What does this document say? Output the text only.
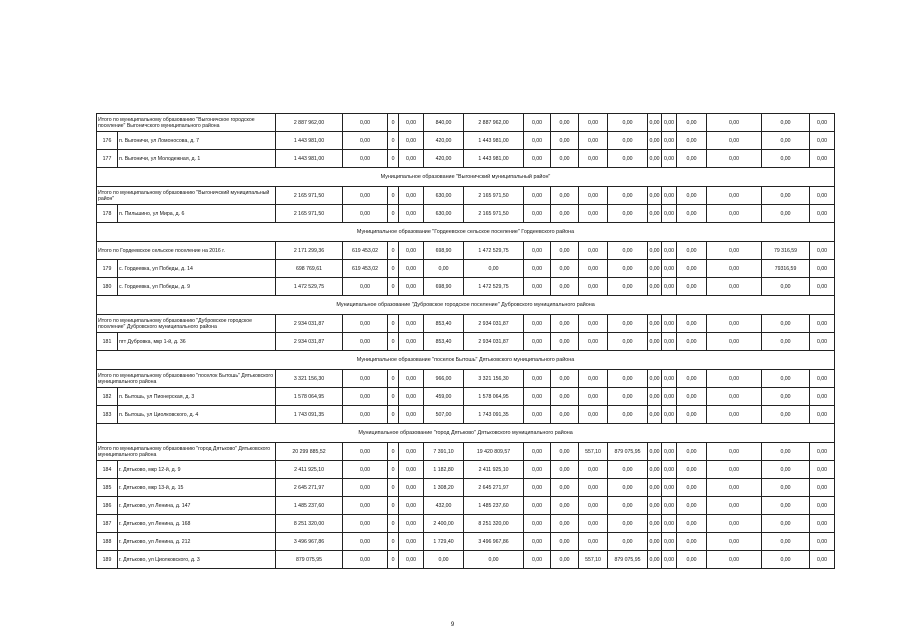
Итого по муниципальному образованию "Выгоничское городское поселение" Выгоничского муниципального района		2 887 962,00	0,00	0	0,00	840,00	2 887 962,00	0,00	0,00	0,00	0,00	0,00	0,00	0,00	0,00	0,00	0,00
176	п. Выгоничи, ул Ломоносова, д. 7	1 443 981,00	0,00	0	0,00	420,00	1 443 981,00	0,00	0,00	0,00	0,00	0,00	0,00	0,00	0,00	0,00	0,00
177	п. Выгоничи, ул Молодежная, д. 1	1 443 981,00	0,00	0	0,00	420,00	1 443 981,00	0,00	0,00	0,00	0,00	0,00	0,00	0,00	0,00	0,00	0,00
Муниципальное образование "Выгоничский муниципальный район"																	
Итого по муниципальному образованию "Выгоничский муниципальный район"		2 165 971,50	0,00	0	0,00	630,00	2 165 971,50	0,00	0,00	0,00	0,00	0,00	0,00	0,00	0,00	0,00	0,00
178	п. Пильшино, ул Мира, д. 6	2 165 971,50	0,00	0	0,00	630,00	2 165 971,50	0,00	0,00	0,00	0,00	0,00	0,00	0,00	0,00	0,00	0,00
Муниципальное образование "Гордеевское сельское поселение" Гордеевского района																	
Итого по Гордеевское сельское поселение на 2016 г.		2 171 299,36	619 453,02	0	0,00	698,90	1 472 529,75	0,00	0,00	0,00	0,00	0,00	0,00	0,00	0,00	79 316,59	0,00
179	с. Гордеевка, ул Победы, д. 14	698 769,61	619 453,02	0	0,00	0,00	0,00	0,00	0,00	0,00	0,00	0,00	0,00	0,00	0,00	79316,59	0,00
180	с. Гордеевка, ул Победы, д. 9	1 472 529,75	0,00	0	0,00	698,90	1 472 529,75	0,00	0,00	0,00	0,00	0,00	0,00	0,00	0,00	0,00	0,00
Муниципальное образование "Дубровское городское поселение" Дубровского муниципального района																	
Итого по муниципальному образованию "Дубровское городское поселение" Дубровского муниципального района		2 934 031,87	0,00	0	0,00	853,40	2 934 031,87	0,00	0,00	0,00	0,00	0,00	0,00	0,00	0,00	0,00	0,00
181	пгт Дубровка, мкр 1-й, д. 36	2 934 031,87	0,00	0	0,00	853,40	2 934 031,87	0,00	0,00	0,00	0,00	0,00	0,00	0,00	0,00	0,00	0,00
Муниципальное образование "поселок Бытошь" Дятьковского муниципального района																	
Итого по муниципальному образованию "поселок Бытошь" Дятьковского муниципального района		3 321 156,30	0,00	0	0,00	966,00	3 321 156,30	0,00	0,00	0,00	0,00	0,00	0,00	0,00	0,00	0,00	0,00
182	п. Бытошь, ул Пионерская, д. 3	1 578 064,95	0,00	0	0,00	459,00	1 578 064,95	0,00	0,00	0,00	0,00	0,00	0,00	0,00	0,00	0,00	0,00
183	п. Бытошь, ул Циолковского, д. 4	1 743 091,35	0,00	0	0,00	507,00	1 743 091,35	0,00	0,00	0,00	0,00	0,00	0,00	0,00	0,00	0,00	0,00
Муниципальное образование "город Дятьково" Дятьковского муниципального района																	
Итого по муниципальному образованию "город Дятьково" Дятьковского муниципального района		20 299 885,52	0,00	0	0,00	7 391,10	19 420 809,57	0,00	0,00	557,10	879 075,95	0,00	0,00	0,00	0,00	0,00	0,00
184	г. Дятьково, мкр 12-й, д. 9	2 411 925,10	0,00	0	0,00	1 182,80	2 411 925,10	0,00	0,00	0,00	0,00	0,00	0,00	0,00	0,00	0,00	0,00
185	г. Дятьково, мкр 13-й, д. 15	2 645 271,97	0,00	0	0,00	1 308,20	2 645 271,97	0,00	0,00	0,00	0,00	0,00	0,00	0,00	0,00	0,00	0,00
186	г. Дятьково, ул Ленина, д. 147	1 485 237,60	0,00	0	0,00	432,00	1 485 237,60	0,00	0,00	0,00	0,00	0,00	0,00	0,00	0,00	0,00	0,00
187	г. Дятьково, ул Ленина, д. 168	8 251 320,00	0,00	0	0,00	2 400,00	8 251 320,00	0,00	0,00	0,00	0,00	0,00	0,00	0,00	0,00	0,00	0,00
188	г. Дятьково, ул Ленина, д. 212	3 496 967,86	0,00	0	0,00	1 729,40	3 496 967,86	0,00	0,00	0,00	0,00	0,00	0,00	0,00	0,00	0,00	0,00
189	г. Дятьково, ул Циолковского, д. 3	879 075,95	0,00	0	0,00	0,00	0,00	0,00	0,00	557,10	879 075,95	0,00	0,00	0,00	0,00	0,00	0,00
9
